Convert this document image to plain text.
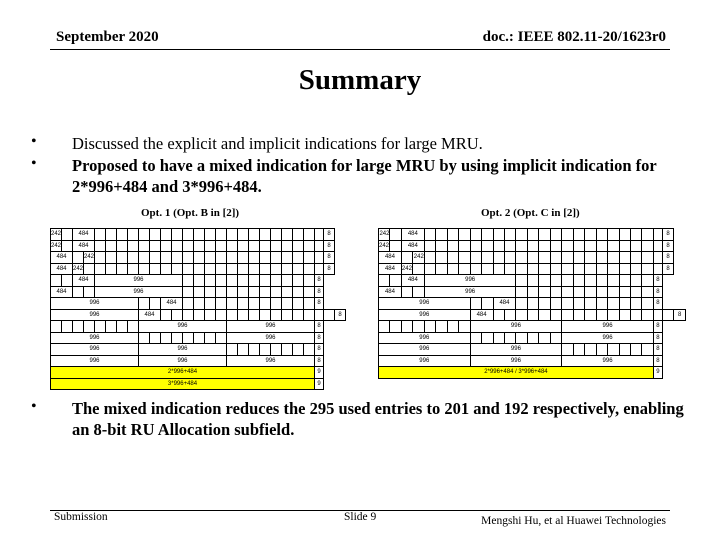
September 2020	doc.: IEEE 802.11-20/1623r0
Summary
• Discussed the explicit and implicit indications for large MRU.
• Proposed to have a mixed indication for large MRU by using implicit indication for 2*996+484 and 3*996+484.
Opt. 1 (Opt. B in [2])	Opt. 2 (Opt. C in [2])
242		484																							8	
242		484																							8	
484			242																						8	
484		242																							8	
		484		996																				8		
484				996																				8		
996										484														8		
996								484																		8
								996								996								8		
996																996								8		
996								996																8		
996								996								996								8		
2*996+484																								9		
3*996+484																								9		
242		484																							8	
242		484																							8	
484			242																						8	
484		242																							8	
		484		996																				8		
484				996																				8		
996										484														8		
996								484																		8
								996								996								8		
996																996								8		
996								996																8		
996								996								996								8		
2*996+484 / 3*996+484																								9		
• The mixed indication reduces the 295 used entries to 201 and 192 respectively, enabling an 8-bit RU Allocation subfield.
Submission	Slide 9	Mengshi Hu, et al Huawei Technologies
